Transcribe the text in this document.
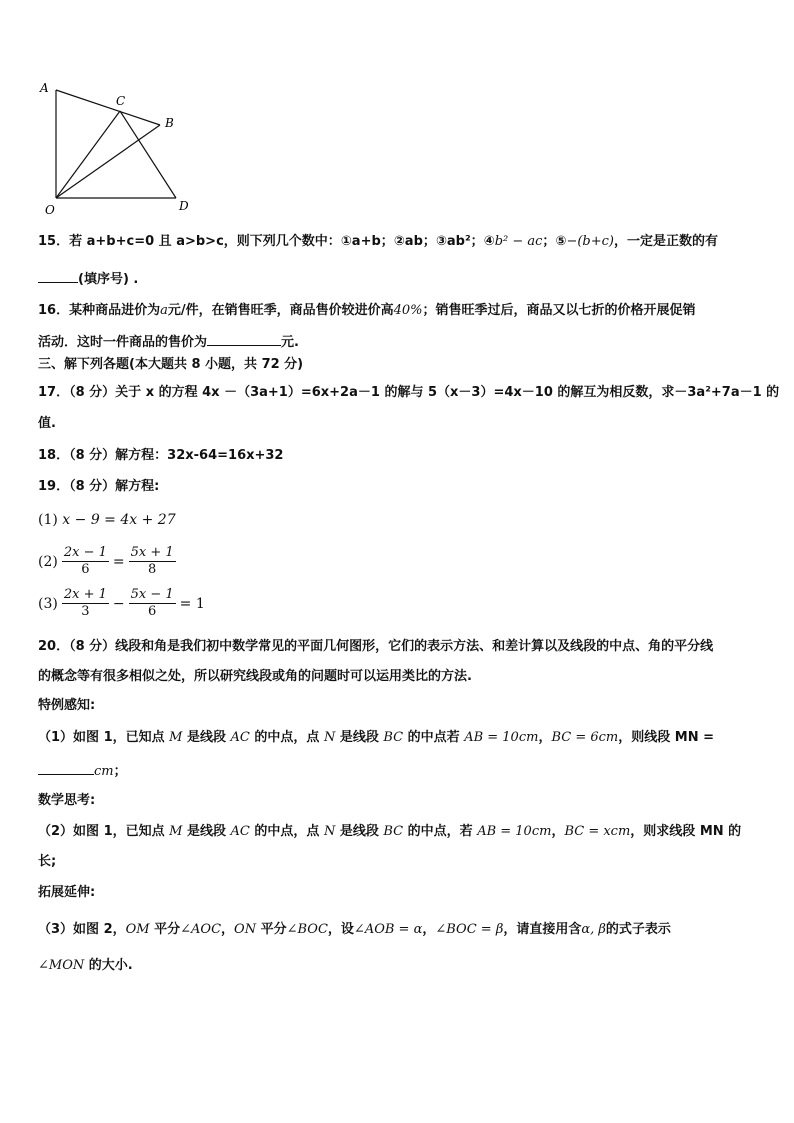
A
C
B
O	D
15．若 a+b+c=0 且 a>b>c，则下列几个数中：①a+b；②ab；③ab²；④b² − ac；⑤−(b+c)，一定是正数的有
(填序号) .
16．某种商品进价为a元/件，在销售旺季，商品售价较进价高40%；销售旺季过后，商品又以七折的价格开展促销
活动．这时一件商品的售价为	元.
三、解下列各题(本大题共 8 小题，共 72 分)
17．（8 分）关于 x 的方程 4x －（3a+1）=6x+2a－1 的解与 5（x－3）=4x－10 的解互为相反数，求－3a²+7a－1 的
值.
18．（8 分）解方程：32x-64=16x+32
19．（8 分）解方程:
(1) x − 9 = 4x + 27
$(2) \frac{2x - 1}{6} = \frac{5x + 1}{8}$
$(3) \frac{2x + 1}{3} - \frac{5x - 1}{6} = 1$
20．（8 分）线段和角是我们初中数学常见的平面几何图形，它们的表示方法、和差计算以及线段的中点、角的平分线
的概念等有很多相似之处，所以研究线段或角的问题时可以运用类比的方法.
特例感知:
（1）如图 1，已知点 M 是线段 AC 的中点，点 N 是线段 BC 的中点若 AB = 10cm，BC = 6cm，则线段 MN =
cm；
数学思考:
（2）如图 1，已知点 M 是线段 AC 的中点，点 N 是线段 BC 的中点，若 AB = 10cm，BC = xcm，则求线段 MN 的
长;
拓展延伸:
（3）如图 2，OM 平分∠AOC，ON 平分∠BOC，设∠AOB = α，∠BOC = β，请直接用含α, β的式子表示
∠MON 的大小.
